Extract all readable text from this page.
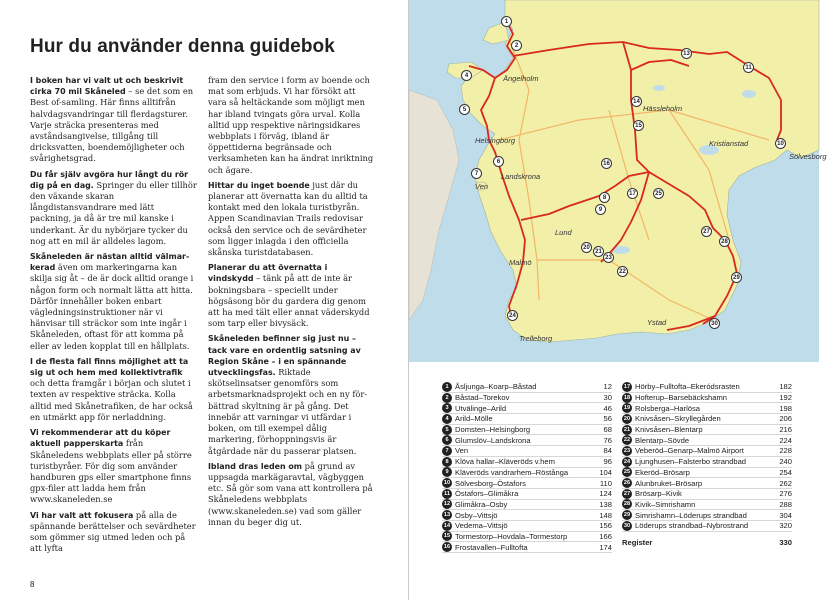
Hur du använder denna guidebok

I boken har vi valt ut och beskrivit cirka 70 mil Skåneled – se det som en Best of-samling. Här finns alltifrån halvdagsvandringar till flerdagsturer. Varje sträcka presenteras med avståndsangivelse, tillgång till dricksvatten, boendemöjligheter och svårighetsgrad.

Du får själv avgöra hur långt du rör dig på en dag. Springer du eller tillhör den växande skaran långdistansvandrare med lätt packning, ja då är tre mil kanske i underkant. Är du nybörjare tycker du nog att en mil är alldeles lagom.

Skåneleden är nästan alltid välmarkerad även om markeringarna kan skilja sig åt – de är dock alltid orange i någon form och normalt lätta att hitta. Därför innehåller boken enbart vägledningsinstruktioner när vi hänvisar till sträckor som inte ingår i Skåneleden, oftast för att komma på eller av leden kopplat till en hållplats.

I de flesta fall finns möjlighet att ta sig ut och hem med kollektivtrafik och detta framgår i början och slutet i texten av respektive sträcka. Kolla alltid med Skånetrafiken, de har också en utmärkt app för nerladdning.

Vi rekommenderar att du köper aktuell papperskarta från Skåneledens webbplats eller på större turistbyråer. För dig som använder handburen gps eller smartphone finns gpx-filer att ladda hem från www.skaneleden.se

Vi har valt att fokusera på alla de spännande berättelser och sevärdheter som gömmer sig utmed leden och på att lyfta

fram den service i form av boende och mat som erbjuds. Vi har försökt att vara så heltäckande som möjligt men har ibland tvingats göra urval. Kolla alltid upp respektive näringsidkares webbplats i förväg, ibland är öppettiderna begränsade och verksamheten kan ha ändrat inriktning och ägare.

Hittar du inget boende just där du planerar att övernatta kan du alltid ta kontakt med den lokala turistbyrån. Appen Scandinavian Trails redovisar också den service och de sevärdheter som ligger inlagda i den officiella skånska turistdatabasen.

Planerar du att övernatta i vindskydd – tänk på att de inte är bokningsbara – speciellt under högsäsong bör du gardera dig genom att ha med tält eller annat väderskydd som tarp eller bivysäck.

Skåneleden befinner sig just nu – tack vare en ordentlig satsning av Region Skåne – i en spännande utvecklingsfas. Riktade skötselinsatser genomförs som arbetsmarknadsprojekt och en ny förbättrad skyltning är på gång. Det innebär att varningar vi utfärdar i boken, om till exempel dålig markering, förhoppningsvis är åtgärdade när du passerar platsen.

Ibland dras leden om på grund av uppsagda markägaravtal, vägbyggen etc. Så gör som vana att kontrollera på Skåneledens webbplats (www.skaneleden.se) vad som gäller innan du beger dig ut.

8
Ängelholm
Hässleholm
Kristianstad
Sölvesborg
Helsingborg
Landskrona
Ven
Lund
Malmö
Trelleborg
Ystad
1
2
4
5
6
7
8
9
10
11
13
14
15
16
17
20
21
22
23
24
25
27
28
29
30
1 Åsljunga–Koarp–Båstad	12
2 Båstad–Torekov	30
3 Utvälinge–Arild	46
4 Arild–Mölle	56
5 Domsten–Helsingborg	68
6 Glumslöv–Landskrona	76
7 Ven	84
8 Klöva hallar–Kläveröds v.hem	96
9 Kläveröds vandrarhem–Röstånga	104
10 Sölvesborg–Östafors	110
11 Östafors–Glimåkra	124
12 Glimåkra–Osby	138
13 Osby–Vittsjö	148
14 Vedema–Vittsjö	156
15 Tormestorp–Hovdala–Tormestorp	166
16 Frostavallen–Fulltofta	174
17 Hörby–Fulltofta–Ekeródsrasten	182
18 Hofterup–Barsebäckshamn	192
19 Rolsberga–Harlösa	198
20 Knivsåsen–Skryllegården	206
21 Knivsåsen–Blentarp	216
22 Blentarp–Sövde	224
23 Veberöd–Genarp–Malmö Airport	228
24 Ljunghusen–Falsterbo strandbad	240
25 Ekeröd–Brösarp	254
26 Alunbruket–Brösarp	262
27 Brösarp–Kivik	276
28 Kivik–Simrishamn	288
29 Simrishamn–Löderups strandbad	304
30 Löderups strandbad–Nybrostrand	320
Register	330
